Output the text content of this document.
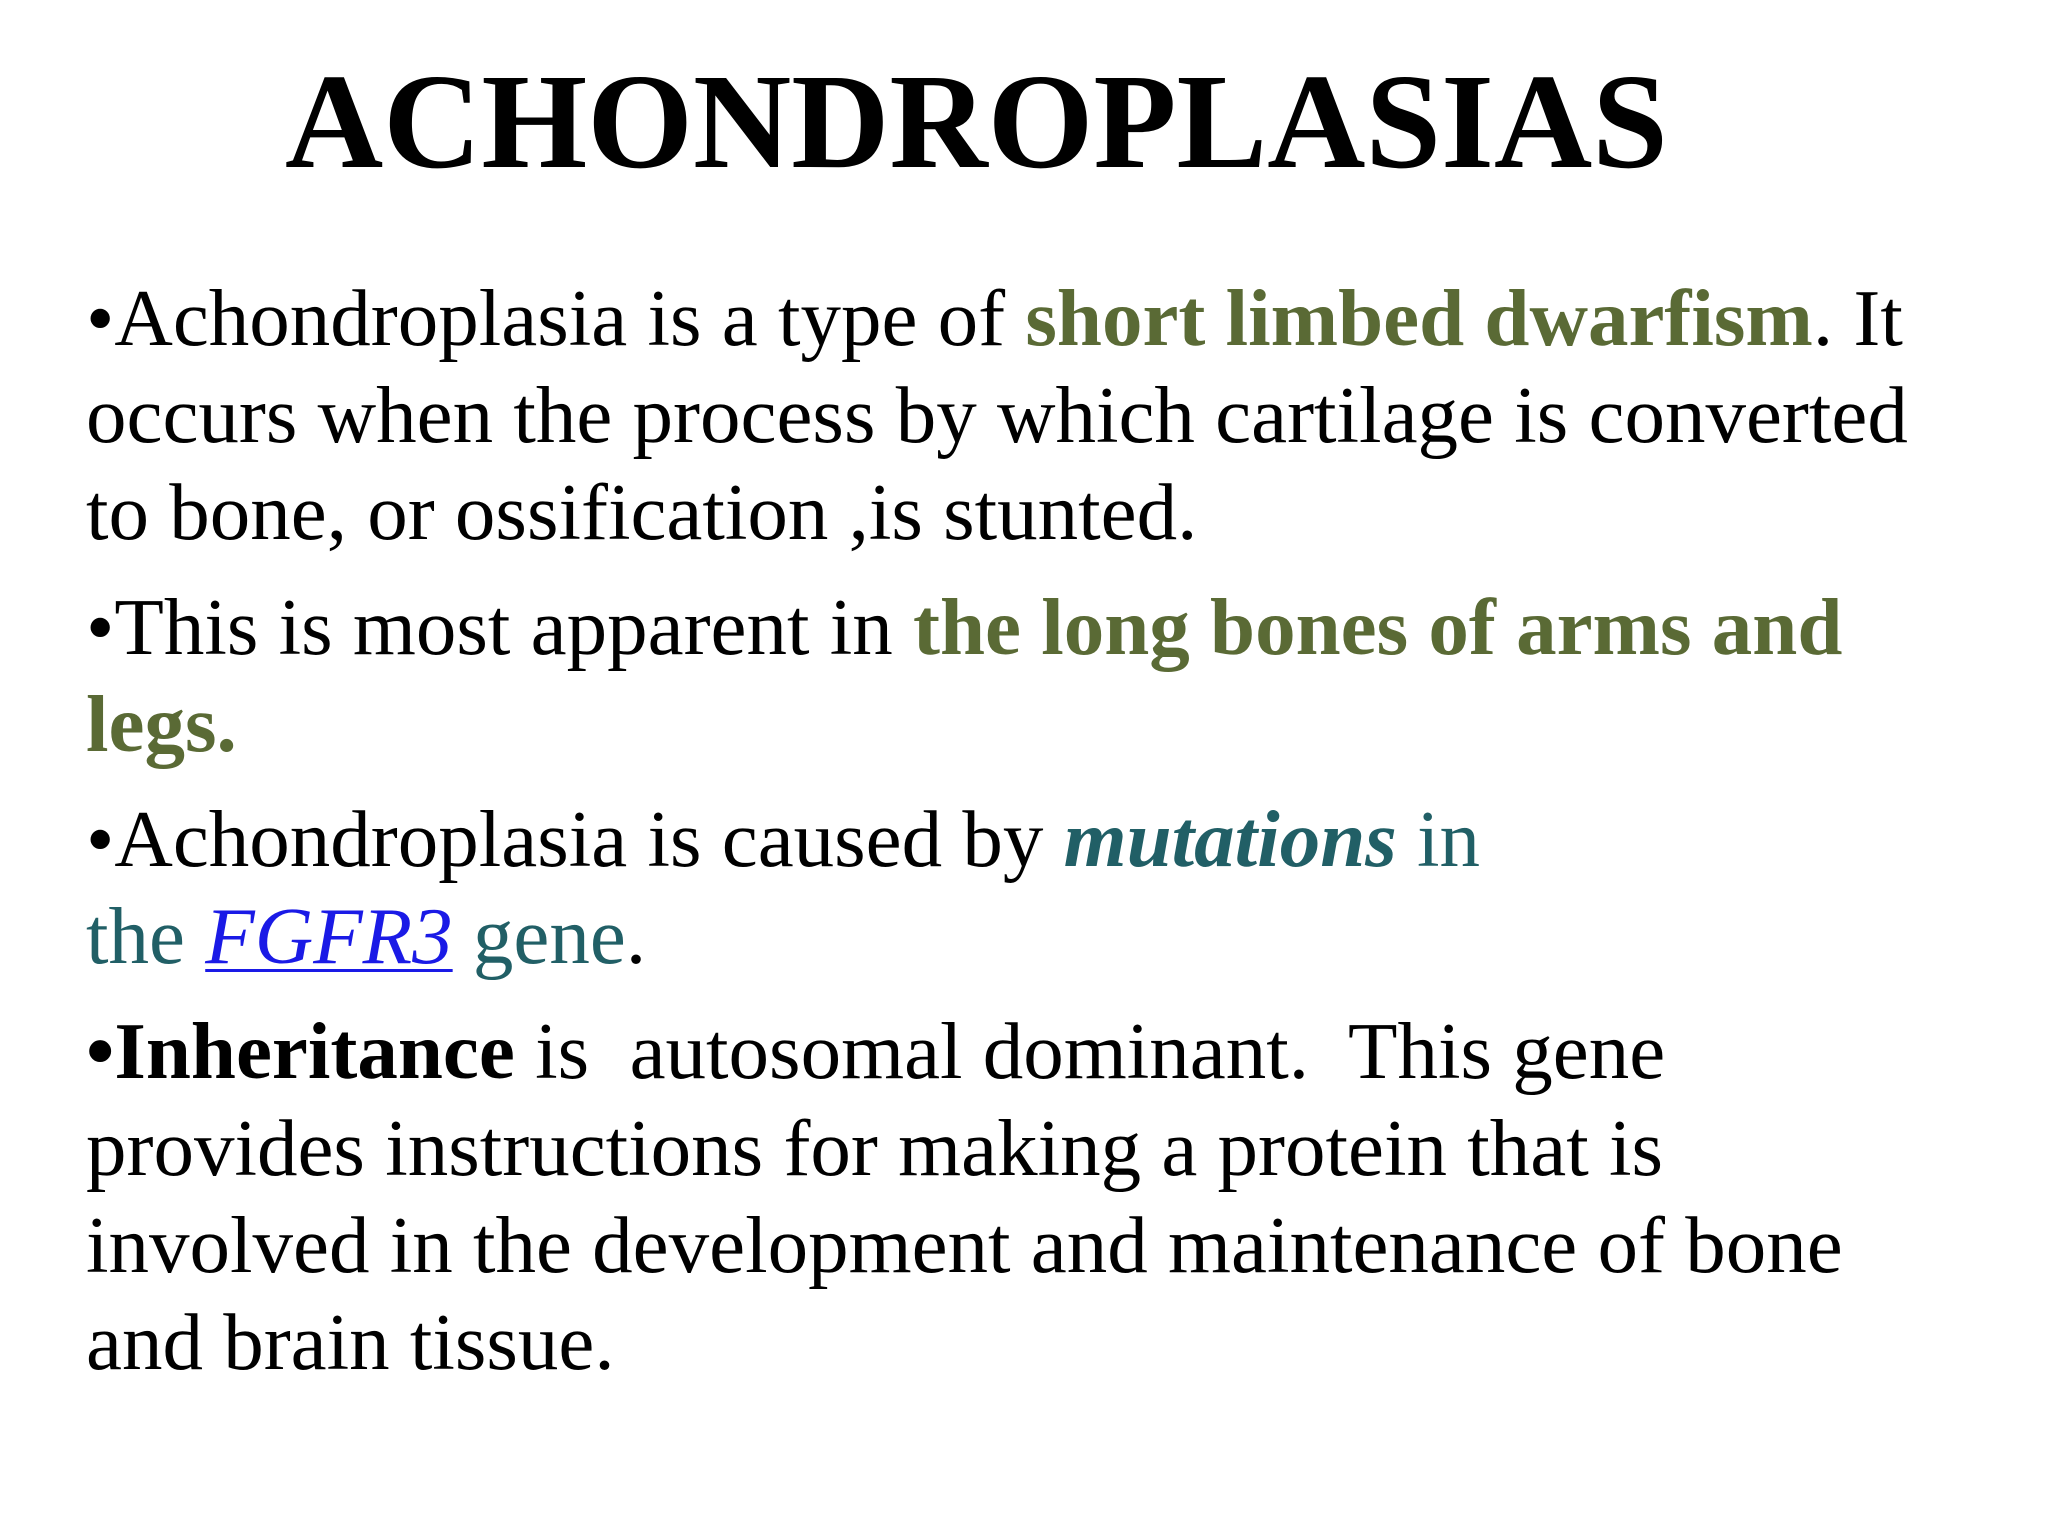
ACHONDROPLASIAS

•Achondroplasia is a type of short limbed dwarfism. It
occurs when the process by which cartilage is converted
to bone, or ossification ,is stunted.

•This is most apparent in the long bones of arms and
legs.

•Achondroplasia is caused by mutations in
the FGFR3 gene.

•Inheritance is  autosomal dominant.  This gene
provides instructions for making a protein that is
involved in the development and maintenance of bone
and brain tissue.
